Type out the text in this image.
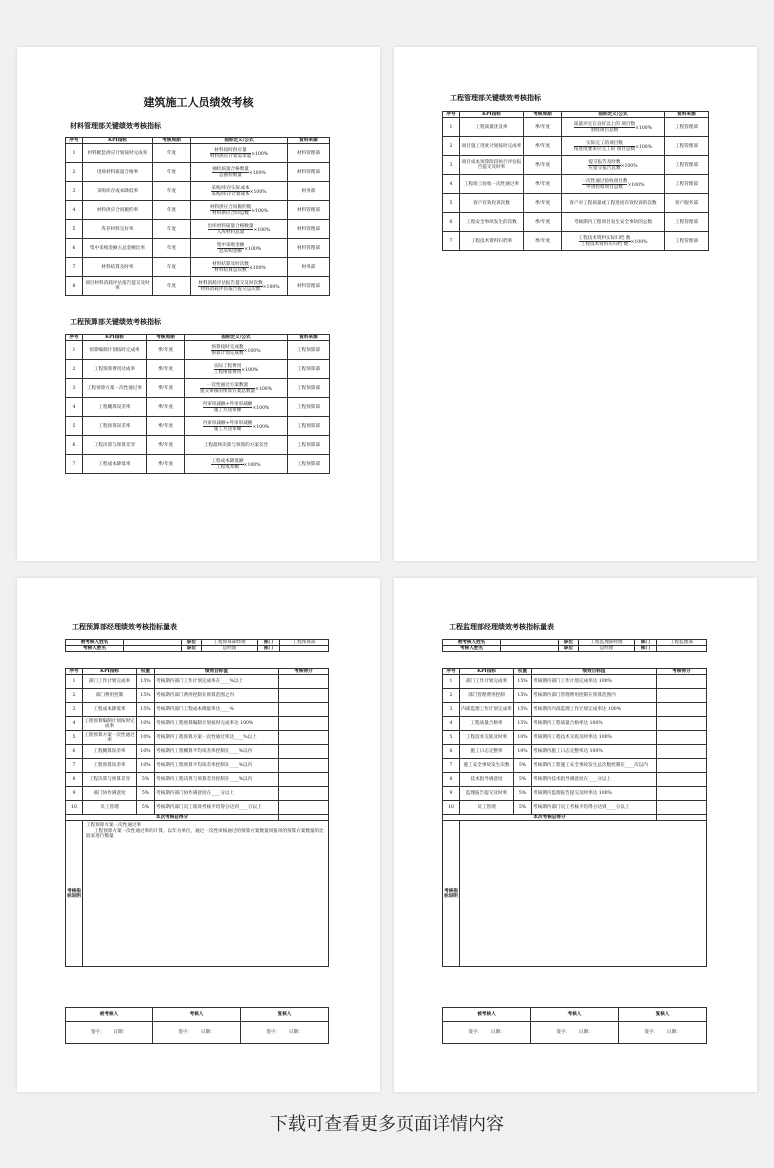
建筑施工人员绩效考核
材料管理部关键绩效考核指标
序号	KPI指标	考核周期	指标定义/公式	资料来源
1	材料配套供应计划按时完成率	年度	$\frac{\text{材料按时供应量}}{\text{材料供应计划需求量}} \times 100\%$	材料管理部
2	进场材料质量合格率	年度	$\frac{\text{抽检质量合格数量}}{\text{总抽检数量}} \times 100\%$	材料管理部
3	采购库存成本降低率	年度	$\frac{\text{采购/库存实际成本}}{\text{采购/库存计划成本}} \times 100\%$	财务部
4	材料供应合同履约率	年度	$\frac{\text{材料供应合同履约数}}{\text{材料供应合同总数}} \times 100\%$	材料管理部
5	库存材料完好率	年度	$\frac{\text{出库材料质量合格数量}}{\text{入库材料总量}} \times 100\%$	材料管理部
6	集中采购金额占总金额比率	年度	$\frac{\text{集中采购金额}}{\text{总采购金额}} \times 100\%$	材料管理部
7	材料结算及时率	年度	$\frac{\text{材料结算及时次数}}{\text{材料结算总次数}} \times 100\%$	财务部
8	项目材料消耗评估报告提交及时率	年度	$\frac{\text{材料消耗评估报告提交及时次数}}{\text{材料消耗评估报告提交总次数}} \times 100\%$	材料管理部
工程预算部关键绩效考核指标
序号	KPI指标	考核周期	指标定义/公式	资料来源
1	预算编制计划按时完成率	季/年度	$\frac{\text{预算按时完成数}}{\text{预算计划完成数}} \times 100\%$	工程预算部
2	工程预算费用达成率	季/年度	$\frac{\text{实际工程费用}}{\text{工程预算费用}} \times 100\%$	工程预算部
3	工程预算方案一次性通过率	季/年度	$\frac{\text{一次性通过方案数量}}{\text{提交审核的预算方案总数量}} \times 100\%$	工程预算部
4	工程概算误差率	季/年度	$\frac{\text{内审审减额+外审审减额}}{\text{施工方送审额}} \times 100\%$	工程预算部
5	工程预算误差率	季/年度	$\frac{\text{内审审减额+外审审减额}}{\text{施工方送审额}} \times 100\%$	工程预算部
6	工程决算与预算差异	季/年度	工程最终决算与预算的方案差异	工程预算部
7	工程成本降低率	季/年度	$\frac{\text{工程成本降低额}}{\text{工程成本额}} \times 100\%$	工程预算部
工程管理部关键绩效考核指标
序号	KPI指标	考核周期	指标定义/公式	资料来源
1	工程质量优良率	季/年度	$\frac{\text{质量评定在良好以上的 项目数}}{\text{验收项目总数}} \times 100\%$	工程管理部
2	项目施工进度计划按时完成率	季/年度	$\frac{\text{实际完工的项目数}}{\text{按进度要求应完工的 项目总数}} \times 100\%$	工程管理部
3	项目成本预算阶段执行评估报告提交及时率	季/年度	$\frac{\text{提交报告及时数}}{\text{应提交报告总数}} \times 100\%$	工程管理部
4	工程竣工验收一次性通过率	季/年度	$\frac{\text{一次性通过验收项目数}}{\text{申请验收项目总数}} \times 100\%$	工程管理部
5	客户有效投诉次数	季/年度	客户对工程质量或工程进度有效投诉的次数	客户服务部
6	工程安全事故发生的次数	季/年度	考核期内工程项目发生安全事故的总数	工程管理部
7	工程技术资料归档率	季/年度	$\frac{\text{工程技术资料实际归档 数}}{\text{工程技术资料应归档 数}} \times 100\%$	工程管理部
工程预算部经理绩效考核指标量表
被考核人姓名		职位	工程预算部经理	部门	工程预算部
考核人姓名		职位	总经理	部门	
序号	KPI指标	权重	绩效目标值	考核得分
1	部门工作计划完成率	15%	考核期内部门工作计划完成率在____%以上	
2	部门费用控制	15%	考核期内部门费用控制在预算范围之内	
3	工程成本降低率	15%	考核期内部门工程成本降低率达____%	
4	工程预算编制计划按时完成率	10%	考核期内工程预算编制计划按时完成率达 100%	
5	工程预算方案一次性通过率	10%	考核期内工程预算方案一次性通过率达____%以上	
6	工程概算误差率	10%	考核期内工程概算平均误差率控制在____%以内	
7	工程预算误差率	10%	考核期内工程预算平均误差率控制在____%以内	
8	工程决算与预算差异	5%	考核期内工程决算与预算差异控制在____%以内	
9	部门协作满意度	5%	考核期内部门协作满意度在____分以上	
10	员工管理	5%	考核期内部门员工绩效考核平均得分达到____分以上	
本次考核总得分				
考核指标说明	工程预算方案一次性通过率
工程预算方案一次性通过率的计算，以年为单位，通过一次性审核通过的预算方案数量同报审的预算方案数量的比较来进行衡量			
被考核人	考核人	复核人
签字： 日期：	签字： 日期：	签字： 日期：
工程监理部经理绩效考核指标量表
被考核人姓名		职位	工程监理部经理	部门	工程监理部
考核人姓名		职位	总经理	部门	
序号	KPI指标	权重	绩效目标值	考核得分
1	部门工作计划完成率	15%	考核期内部门工作计划完成率达 100%	
2	部门管理费用控制	15%	考核期内部门管理费用控制在预算范围内	
3	内部监理工作计划完成率	15%	考核期内内部监理工作计划完成率达 100%	
4	工程质量合格率	15%	考核期内工程质量合格率达 100%	
5	工程技术交底及时率	10%	考核期内工程技术交底及时率达 100%	
6	施工日志完整率	10%	考核期内施工日志完整率达 100%	
7	施工安全事故发生次数	5%	考核期内工程施工安全事故发生总次数控制在____次以内	
8	技术指导满意度	5%	考核期内技术指导满意度在____分以上	
9	监理报告提交及时率	5%	考核期内监理报告提交及时率达 100%	
10	员工管理	5%	考核期内部门员工考核平均得分达到____分以上	
本次考核总得分				
考核指标说明				
被考核人	考核人	复核人
签字： 日期：	签字： 日期：	签字： 日期：
下载可查看更多页面详情内容
